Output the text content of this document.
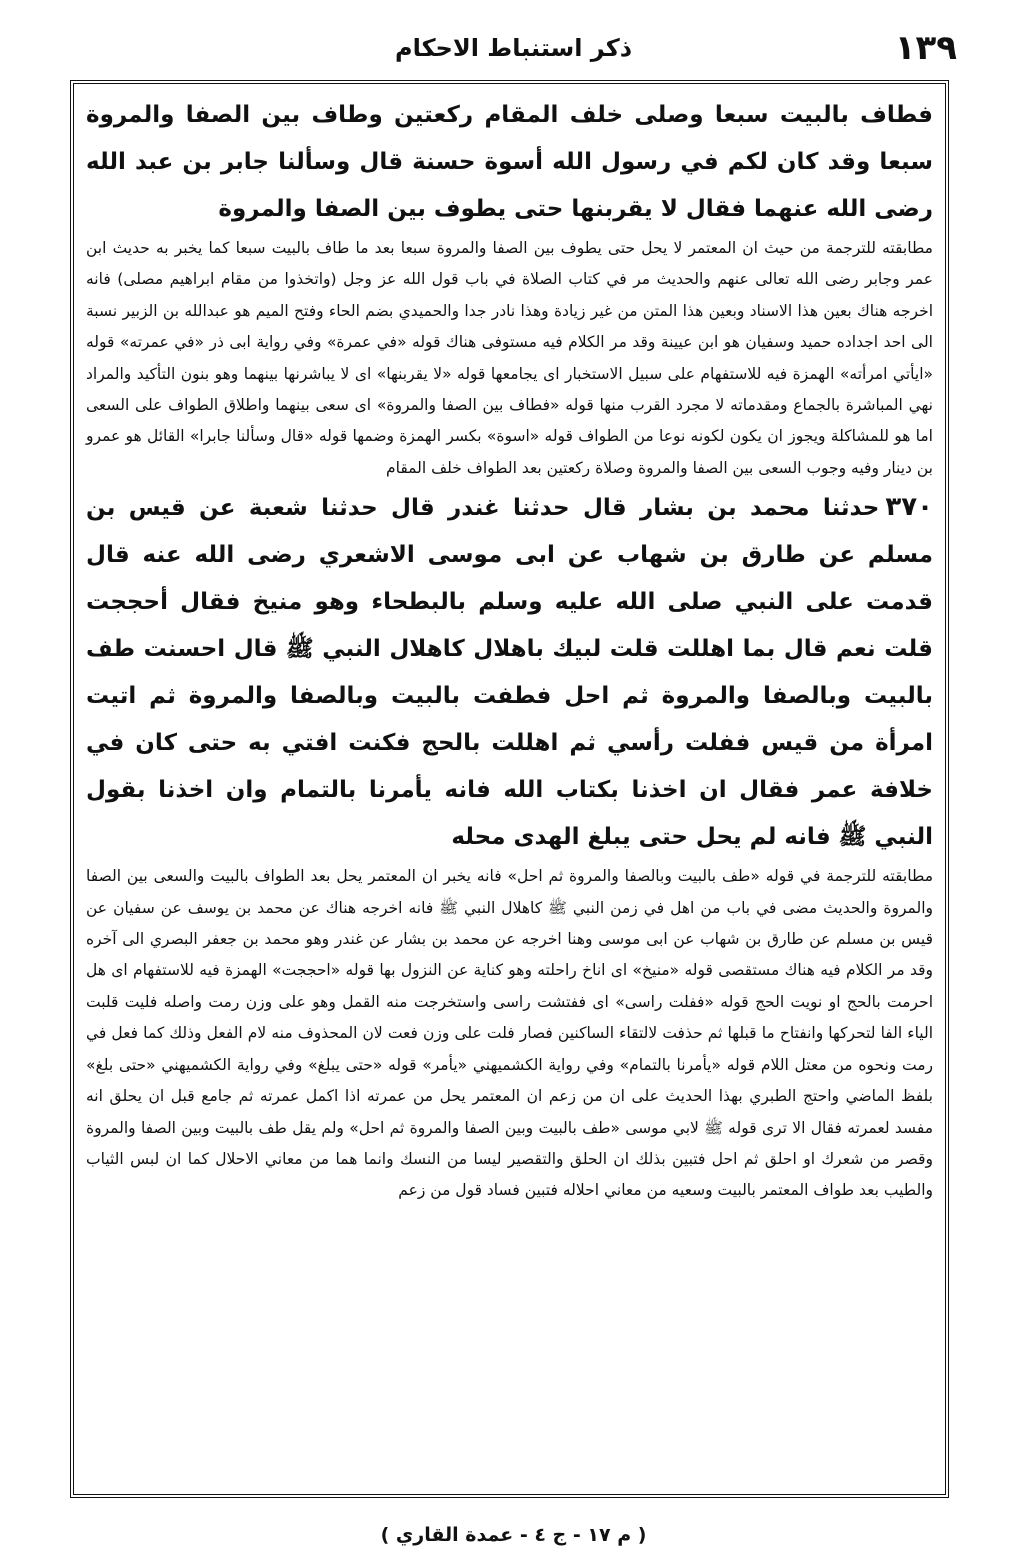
١٣٩
ذكر استنباط الاحكام

فطاف بالبيت سبعا وصلى خلف المقام ركعتين وطاف بين الصفا والمروة سبعا وقد كان لكم في رسول الله أسوة حسنة قال وسألنا جابر بن عبد الله رضى الله عنهما فقال لا يقربنها حتى يطوف بين الصفا والمروة

مطابقته للترجمة من حيث ان المعتمر لا يحل حتى يطوف بين الصفا والمروة سبعا بعد ما طاف بالبيت سبعا كما يخبر به حديث ابن عمر وجابر رضى الله تعالى عنهم والحديث مر في كتاب الصلاة في باب قول الله عز وجل (واتخذوا من مقام ابراهيم مصلى) فانه اخرجه هناك بعين هذا الاسناد وبعين هذا المتن من غير زيادة وهذا نادر جدا والحميدي بضم الحاء وفتح الميم هو عبدالله بن الزبير نسبة الى احد اجداده حميد وسفيان هو ابن عيينة وقد مر الكلام فيه مستوفى هناك قوله «في عمرة» وفي رواية ابى ذر «في عمرته» قوله «ايأتي امرأته» الهمزة فيه للاستفهام على سبيل الاستخبار اى يجامعها قوله «لا يقربنها» اى لا يباشرنها بينهما وهو بنون التأكيد والمراد نهي المباشرة بالجماع ومقدماته لا مجرد القرب منها قوله «فطاف بين الصفا والمروة» اى سعى بينهما واطلاق الطواف على السعى اما هو للمشاكلة ويجوز ان يكون لكونه نوعا من الطواف قوله «اسوة» بكسر الهمزة وضمها قوله «قال وسألنا جابرا» القائل هو عمرو بن دينار وفيه وجوب السعى بين الصفا والمروة وصلاة ركعتين بعد الطواف خلف المقام

٣٧٠حدثنا محمد بن بشار قال حدثنا غندر قال حدثنا شعبة عن قيس بن مسلم عن طارق بن شهاب عن ابى موسى الاشعري رضى الله عنه قال قدمت على النبي صلى الله عليه وسلم بالبطحاء وهو منيخ فقال أحججت قلت نعم قال بما اهللت قلت لبيك باهلال كاهلال النبي ﷺ قال احسنت طف بالبيت وبالصفا والمروة ثم احل فطفت بالبيت وبالصفا والمروة ثم اتيت امرأة من قيس ففلت رأسي ثم اهللت بالحج فكنت افتي به حتى كان في خلافة عمر فقال ان اخذنا بكتاب الله فانه يأمرنا بالتمام وان اخذنا بقول النبي ﷺ فانه لم يحل حتى يبلغ الهدى محله

مطابقته للترجمة في قوله «طف بالبيت وبالصفا والمروة ثم احل» فانه يخبر ان المعتمر يحل بعد الطواف بالبيت والسعى بين الصفا والمروة والحديث مضى في باب من اهل في زمن النبي ﷺ كاهلال النبي ﷺ فانه اخرجه هناك عن محمد بن يوسف عن سفيان عن قيس بن مسلم عن طارق بن شهاب عن ابى موسى وهنا اخرجه عن محمد بن بشار عن غندر وهو محمد بن جعفر البصري الى آخره وقد مر الكلام فيه هناك مستقصى قوله «منيخ» اى اناخ راحلته وهو كناية عن النزول بها قوله «احججت» الهمزة فيه للاستفهام اى هل احرمت بالحج او نويت الحج قوله «ففلت راسى» اى ففتشت راسى واستخرجت منه القمل وهو على وزن رمت واصله فليت قلبت الياء الفا لتحركها وانفتاح ما قبلها ثم حذفت لالتقاء الساكنين فصار فلت على وزن فعت لان المحذوف منه لام الفعل وذلك كما فعل في رمت ونحوه من معتل اللام قوله «يأمرنا بالتمام» وفي رواية الكشميهني «يأمر» قوله «حتى يبلغ» وفي رواية الكشميهني «حتى بلغ» بلفظ الماضي واحتج الطبري بهذا الحديث على ان من زعم ان المعتمر يحل من عمرته اذا اكمل عمرته ثم جامع قبل ان يحلق انه مفسد لعمرته فقال الا ترى قوله ﷺ لابي موسى «طف بالبيت وبين الصفا والمروة ثم احل» ولم يقل طف بالبيت وبين الصفا والمروة وقصر من شعرك او احلق ثم احل فتبين بذلك ان الحلق والتقصير ليسا من النسك وانما هما من معاني الاحلال كما ان لبس الثياب والطيب بعد طواف المعتمر بالبيت وسعيه من معاني احلاله فتبين فساد قول من زعم

( م ١٧ - ج ٤ - عمدة القاري )
